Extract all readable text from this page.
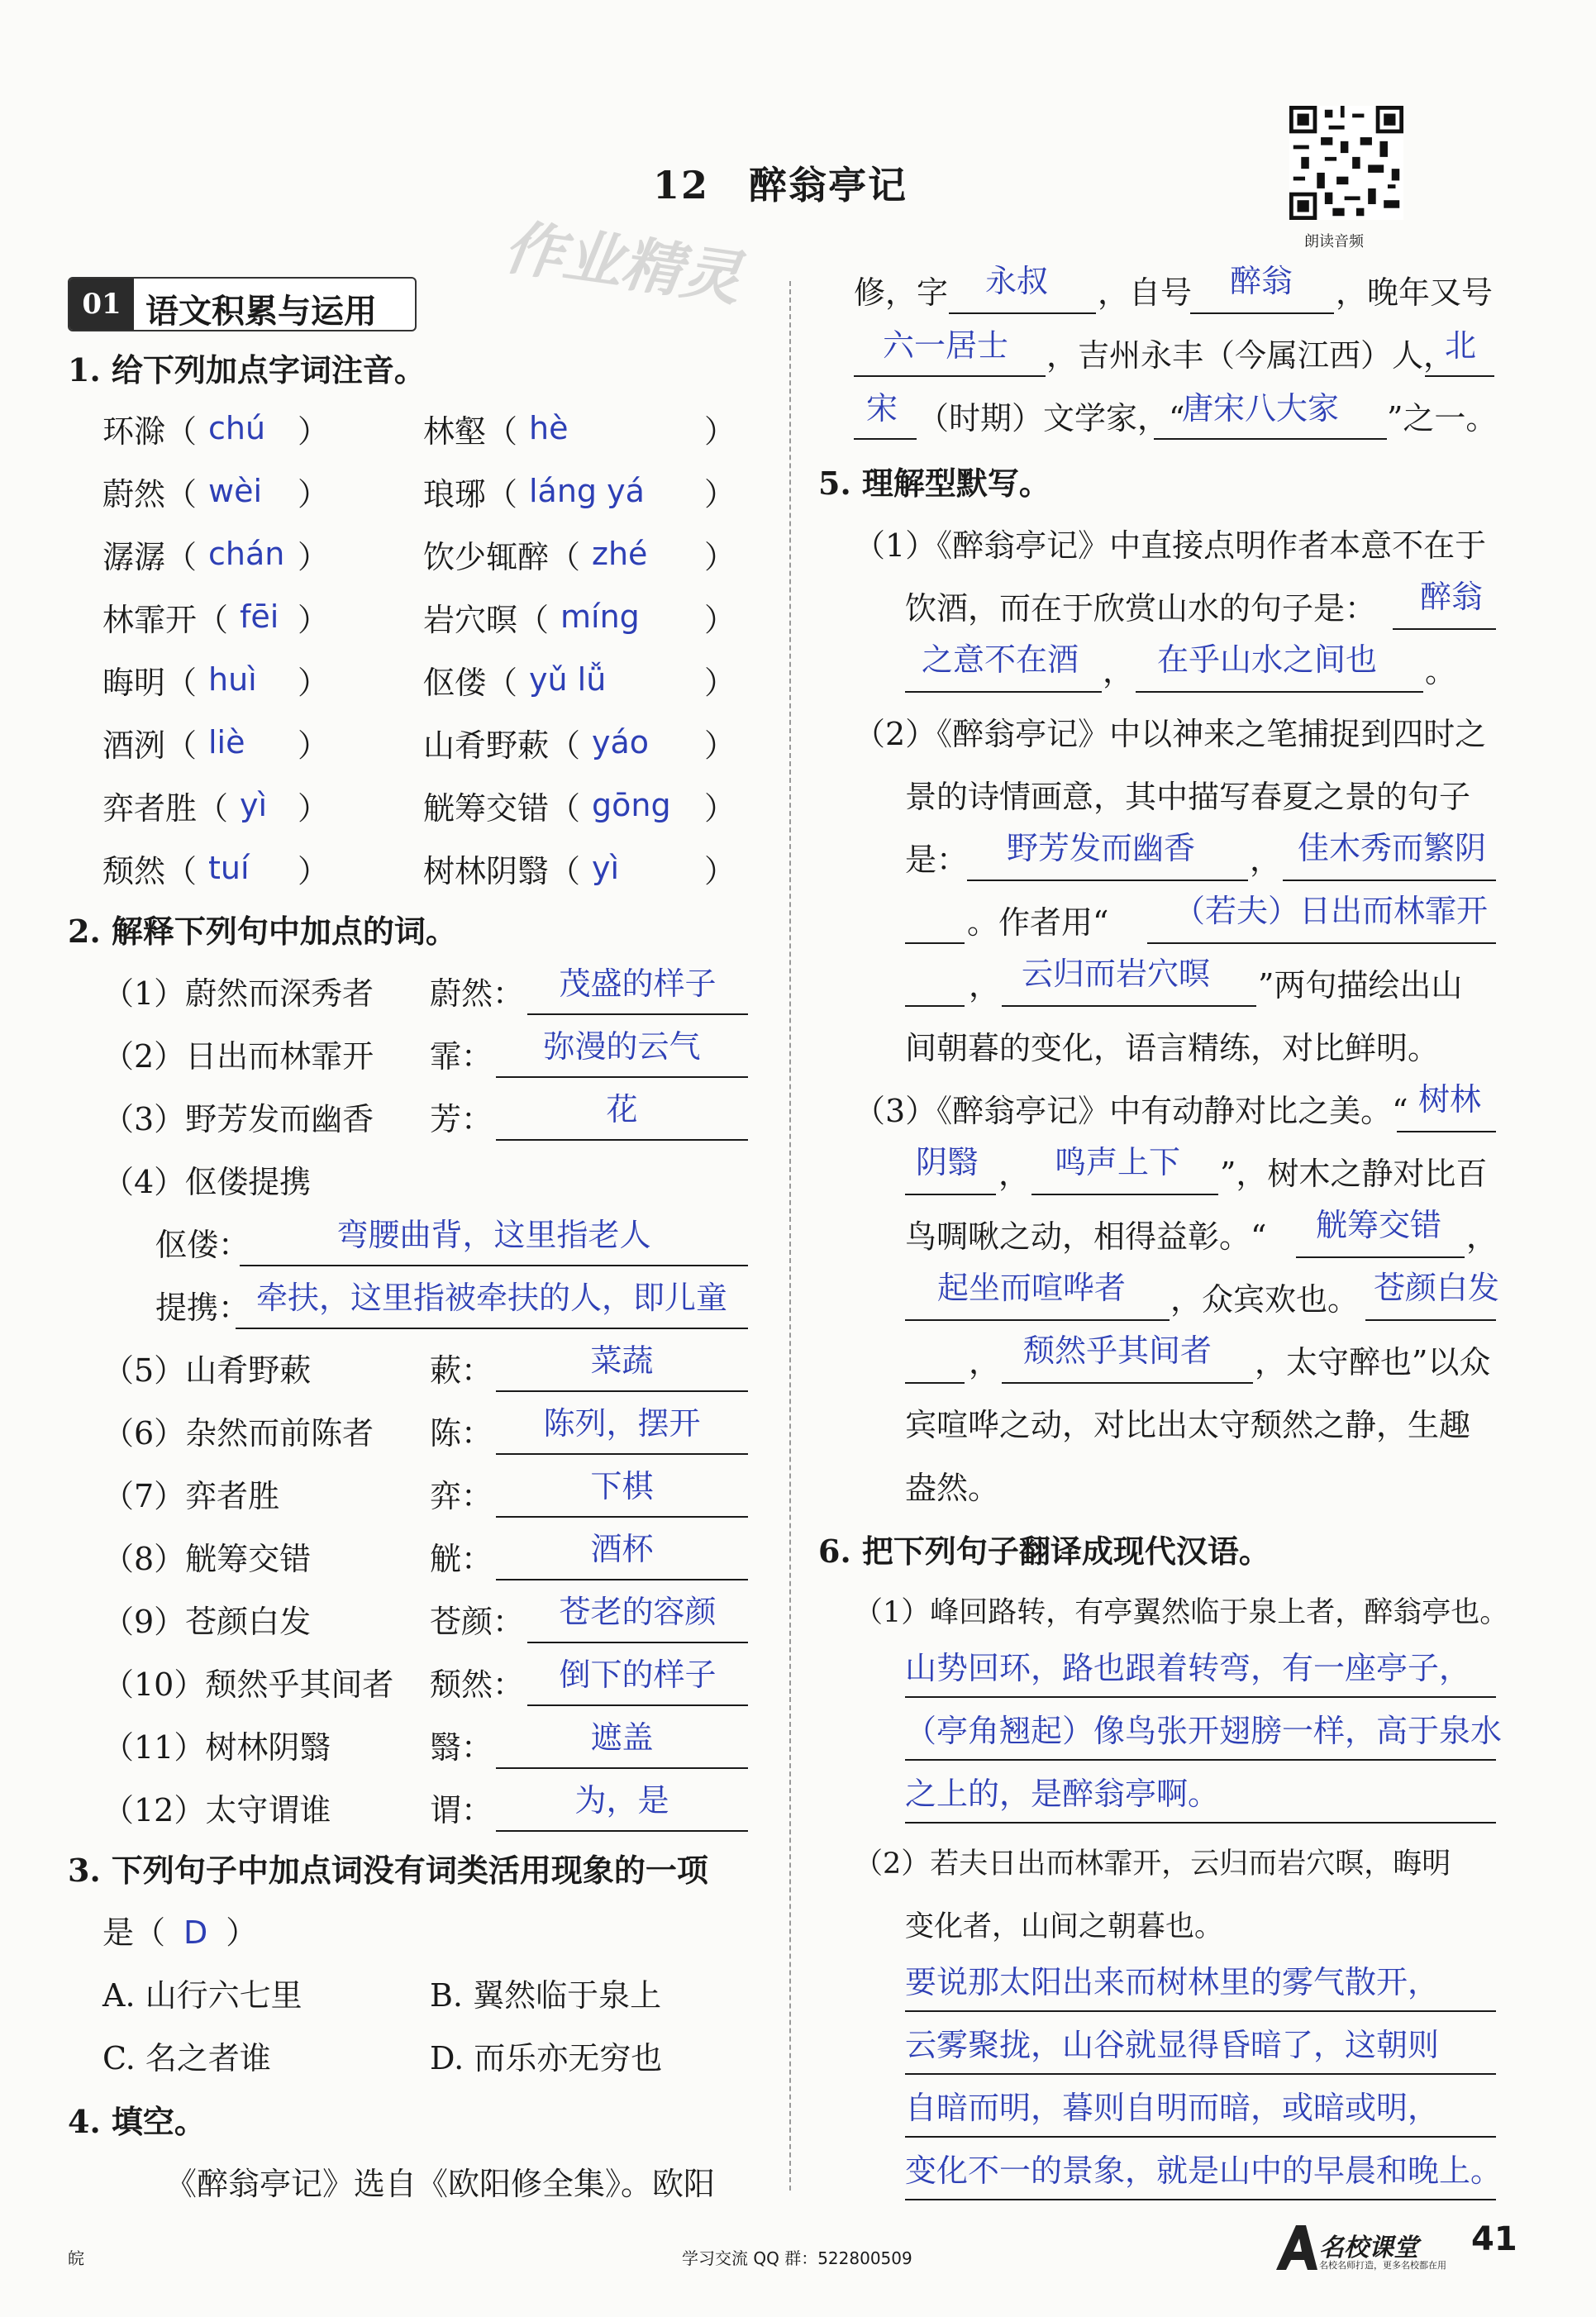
12　醉翁亭记
作业精灵	朗读音频
01 语文积累与运用
1. 给下列加点字词注音。
环滁（ chú ）	林壑（ hè	）
蔚然（ wèi ）	琅琊（ láng yá ）
潺潺（ chán ）	饮少辄醉（ zhé ）
林霏开（ fēi ）	岩穴暝（ míng ）
晦明（ huì ）	伛偻（ yǔ lǚ	）
酒洌（ liè ）	山肴野蔌（ yáo ）
弈者胜（ yì ）	觥筹交错（ gōng ）
颓然（ tuí ）	树林阴翳（ yì	）
2. 解释下列句中加点的词。
（1）蔚然而深秀者 蔚然：	茂盛的样子
（2）日出而林霏开 霏：	弥漫的云气
（3）野芳发而幽香 芳：	花
（4）伛偻提携
伛偻：	弯腰曲背，这里指老人
提携： 牵扶，这里指被牵扶的人，即儿童
（5）山肴野蔌	蔌：	菜蔬
（6）杂然而前陈者 陈：	陈列，摆开
（7）弈者胜	弈：	下棋
（8）觥筹交错	觥：	酒杯
（9）苍颜白发	苍颜：	苍老的容颜
（10）颓然乎其间者 颓然：	倒下的样子
（11）树林阴翳	翳：	遮盖
（12）太守谓谁	谓：	为，是
3. 下列句子中加点词没有词类活用现象的一项
是（ D ）
A. 山行六七里	B. 翼然临于泉上
C. 名之者谁	D. 而乐亦无穷也
4. 填空。
《醉翁亭记》选自《欧阳修全集》。欧阳
修，字 永叔 ，自号 醉翁 ，晚年又号
六一居士 ，吉州永丰（今属江西）人，
北
宋 （时期）文学家，“
唐宋八大家 ”之一。
5. 理解型默写。
（1）《醉翁亭记》中直接点明作者本意不在于
饮酒，而在于欣赏山水的句子是： 醉翁
之意不在酒 ， 在乎山水之间也 。
（2）《醉翁亭记》中以神来之笔捕捉到四时之
景的诗情画意，其中描写春夏之景的句子
是： 野芳发而幽香 ， 佳木秀而繁阴
。作者用“ （若夫）日出而林霏开
， 云归而岩穴暝 ”两句描绘出山
间朝暮的变化，语言精练，对比鲜明。
（3）《醉翁亭记》中有动静对比之美。“ 树林
阴翳 ， 鸣声上下 ”，树木之静对比百
鸟啁啾之动，相得益彰。“ 觥筹交错 ，
起坐而喧哗者 ，众宾欢也。 苍颜白发
， 颓然乎其间者 ，太守醉也”以众
宾喧哗之动，对比出太守颓然之静，生趣
盎然。
6. 把下列句子翻译成现代汉语。
（1）峰回路转，有亭翼然临于泉上者，醉翁亭也。
山势回环，路也跟着转弯，有一座亭子，
（亭角翘起）像鸟张开翅膀一样，高于泉水
之上的，是醉翁亭啊。
（2）若夫日出而林霏开，云归而岩穴暝，晦明
变化者，山间之朝暮也。
要说那太阳出来而树林里的雾气散开，
云雾聚拢，山谷就显得昏暗了，这朝则
自暗而明，暮则自明而暗，或暗或明，
变化不一的景象，就是山中的早晨和晚上。
皖	学习交流 QQ 群：522800509	名校课堂
名校名师打造，更多名校都在用
41
